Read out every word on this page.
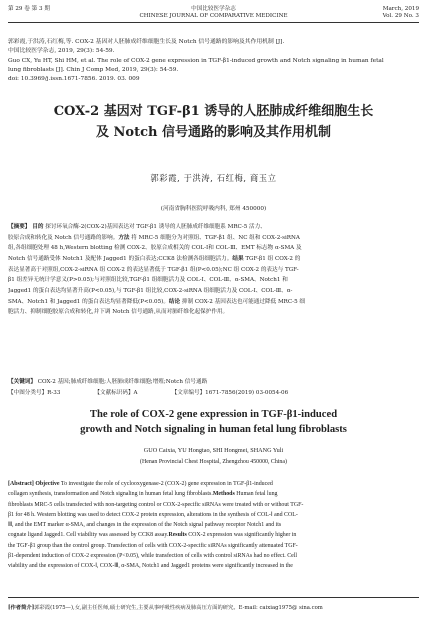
第 29 卷 第 3 期	中国比较医学杂志
CHINESE JOURNAL OF COMPARATIVE MEDICINE
March, 2019
Vol. 29 No. 3
郭彩霞,于洪涛,石红梅,等. COX-2 基因对人胚肺成纤维细胞生长及 Notch 信号通路的影响及其作用机制 [J].
中国比较医学杂志, 2019, 29(3): 54-59.
Guo CX, Yu HT, Shi HM, et al. The role of COX-2 gene expression in TGF-β1-induced growth and Notch signaling in human fetal
lung fibroblasts [J]. Chin J Comp Med, 2019, 29(3): 54-59.
doi: 10.3969/j.issn.1671-7856. 2019. 03. 009
COX-2 基因对 TGF-β1 诱导的人胚肺成纤维细胞生长
及 Notch 信号通路的影响及其作用机制
郭彩霞, 于洪涛, 石红梅, 商玉立
(河南省胸科医院呼吸内科, 郑州 450000)
【摘要】 目的 探讨环氧合酶-2(COX-2)基因表达对 TGF-β1 诱导的人胚肺成纤维细胞系 MRC-5 活力、
胶原合成和转化及 Notch 信号通路的影响。方法 将 MRC-5 细胞分为对照组、TGF-β1 组、NC 组和 COX-2-siRNA
组,各组细胞处理 48 h,Western blotting 检测 COX-2、胶原合成相关的 COL-Ⅰ和 COL-Ⅲ、EMT 标志物 α-SMA 及
Notch 信号通路受体 Notch1 及配体 Jagged1 的蛋白表达;CCK8 法检测各组细胞活力。结果 TGF-β1 组 COX-2 的
表达显著高于对照组,COX-2-siRNA 组 COX-2 的表达显著低于 TGF-β1 组(P<0.05);NC 组 COX-2 的表达与 TGF-
β1 组差异无统计学意义(P>0.05);与对照组比较,TGF-β1 组细胞活力及 COL-Ⅰ、COL-Ⅲ、α-SMA、Notch1 和
Jagged1 的蛋白表达均显著升高(P<0.05),与 TGF-β1 组比较,COX-2-siRNA 组细胞活力及 COL-Ⅰ、COL-Ⅲ、α-
SMA、Notch1 和 Jagged1 的蛋白表达均显著降低(P<0.05)。结论 抑制 COX-2 基因表达也可能通过降低 MRC-5 细
胞活力、抑制细胞胶原合成和转化,并下调 Notch 信号通路,从而对肺纤维化起保护作用。
【关键词】 COX-2 基因;肺成纤维细胞;人胚肺成纤维细胞;增殖;Notch 信号通路
【中图分类号】R-33	【文献标识码】A	【文章编号】1671-7856(2019) 03-0054-06
The role of COX-2 gene expression in TGF-β1-induced
growth and Notch signaling in human fetal lung fibroblasts
GUO Caixia, YU Hongtao, SHI Hongmei, SHANG Yuli
(Henan Provincial Chest Hospital, Zhengzhou 450000, China)
[Abstract] Objective To investigate the role of cyclooxygenase-2 (COX-2) gene expression in TGF-β1-induced
collagen synthesis, transformation and Notch signaling in human fetal lung fibroblasts.Methods Human fetal lung
fibroblasts MRC-5 cells transfected with non-targeting control or COX-2-specific siRNAs were treated with or without TGF-
β1 for 48 h. Western blotting was used to detect COX-2 protein expression, alterations in the synthesis of COL-Ⅰ and COL-
Ⅲ, and the EMT marker α-SMA, and changes in the expression of the Notch signal pathway receptor Notch1 and its
cognate ligand Jagged1. Cell viability was assessed by CCK8 assay.Results COX-2 expression was significantly higher in
the TGF-β1 group than the control group. Transfection of cells with COX-2-specific siRNAs significantly attenuated TGF-
β1-dependent induction of COX-2 expression (P<0.05), while transfection of cells with control siRNAs had no effect. Cell
viability and the expression of COX-Ⅰ, COX-Ⅲ, α-SMA, Notch1 and Jagged1 proteins were significantly increased in the
[作者简介]郭彩霞(1975—),女,副主任医师,硕士研究生,主要从事呼吸性疾病及肺高压方面的研究。E-mail: caixiag1975@ sina.com
